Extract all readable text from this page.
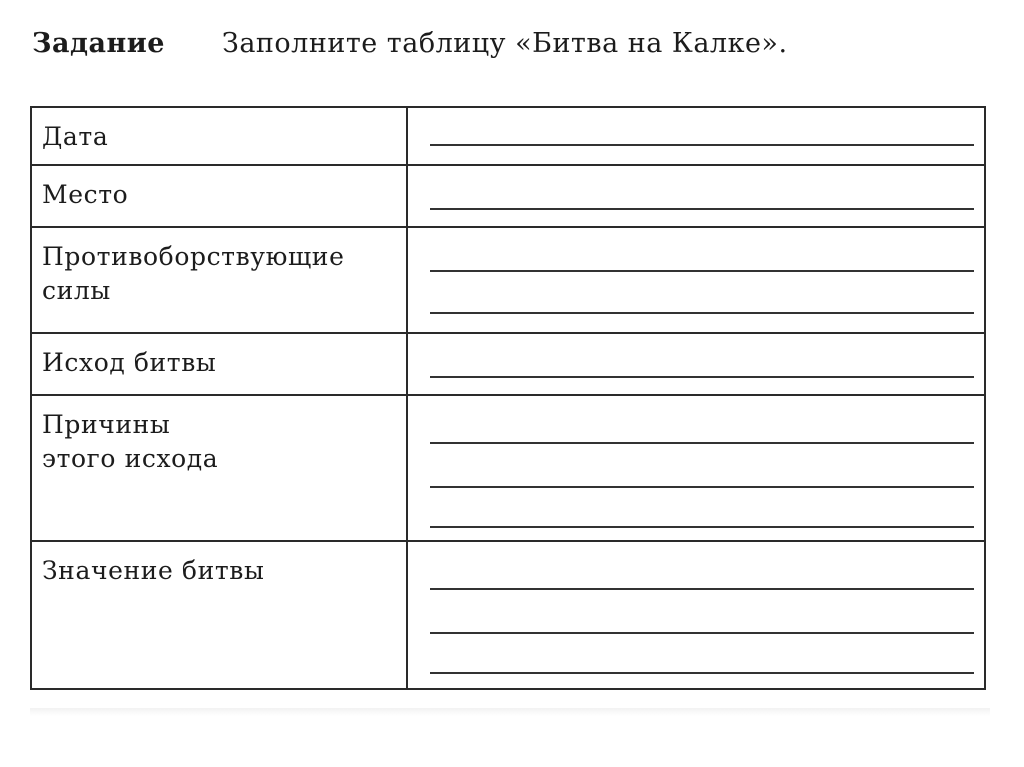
Задание	Заполните таблицу «Битва на Калке».
Дата
Место
Противоборствующие
силы
Исход битвы
Причины
этого исхода
Значение битвы
